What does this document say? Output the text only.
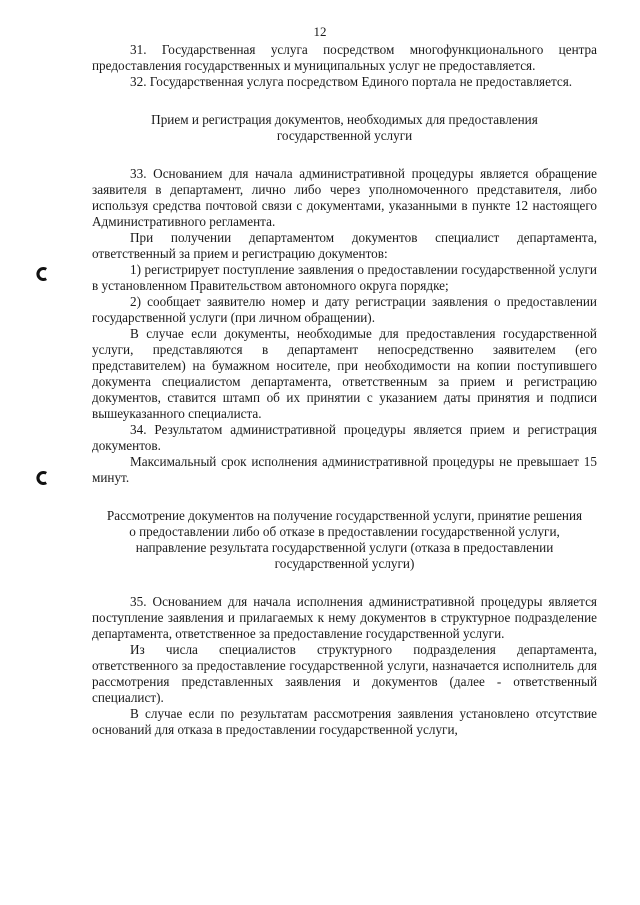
12

31. Государственная услуга посредством многофункционального центра предоставления государственных и муниципальных услуг не предоставляется.

32. Государственная услуга посредством Единого портала не предоставляется.

Прием и регистрация документов, необходимых для предоставления государственной услуги

33. Основанием для начала административной процедуры является обращение заявителя в департамент, лично либо через уполномоченного представителя, либо используя средства почтовой связи с документами, указанными в пункте 12 настоящего Административного регламента.

При получении департаментом документов специалист департамента, ответственный за прием и регистрацию документов:

1) регистрирует поступление заявления о предоставлении государственной услуги в установленном Правительством автономного округа порядке;

2) сообщает заявителю номер и дату регистрации заявления о предоставлении государственной услуги (при личном обращении).

В случае если документы, необходимые для предоставления государственной услуги, представляются в департамент непосредственно заявителем (его представителем) на бумажном носителе, при необходимости на копии поступившего документа специалистом департамента, ответственным за прием и регистрацию документов, ставится штамп об их принятии с указанием даты принятия и подписи вышеуказанного специалиста.

34. Результатом административной процедуры является прием и регистрация документов.

Максимальный срок исполнения административной процедуры не превышает 15 минут.

Рассмотрение документов на получение государственной услуги, принятие решения о предоставлении либо об отказе в предоставлении государственной услуги, направление результата государственной услуги (отказа в предоставлении государственной услуги)

35. Основанием для начала исполнения административной процедуры является поступление заявления и прилагаемых к нему документов в структурное подразделение департамента, ответственное за предоставление государственной услуги.

Из числа специалистов структурного подразделения департамента, ответственного за предоставление государственной услуги, назначается исполнитель для рассмотрения представленных заявления и документов (далее - ответственный специалист).

В случае если по результатам рассмотрения заявления установлено отсутствие оснований для отказа в предоставлении государственной услуги,
